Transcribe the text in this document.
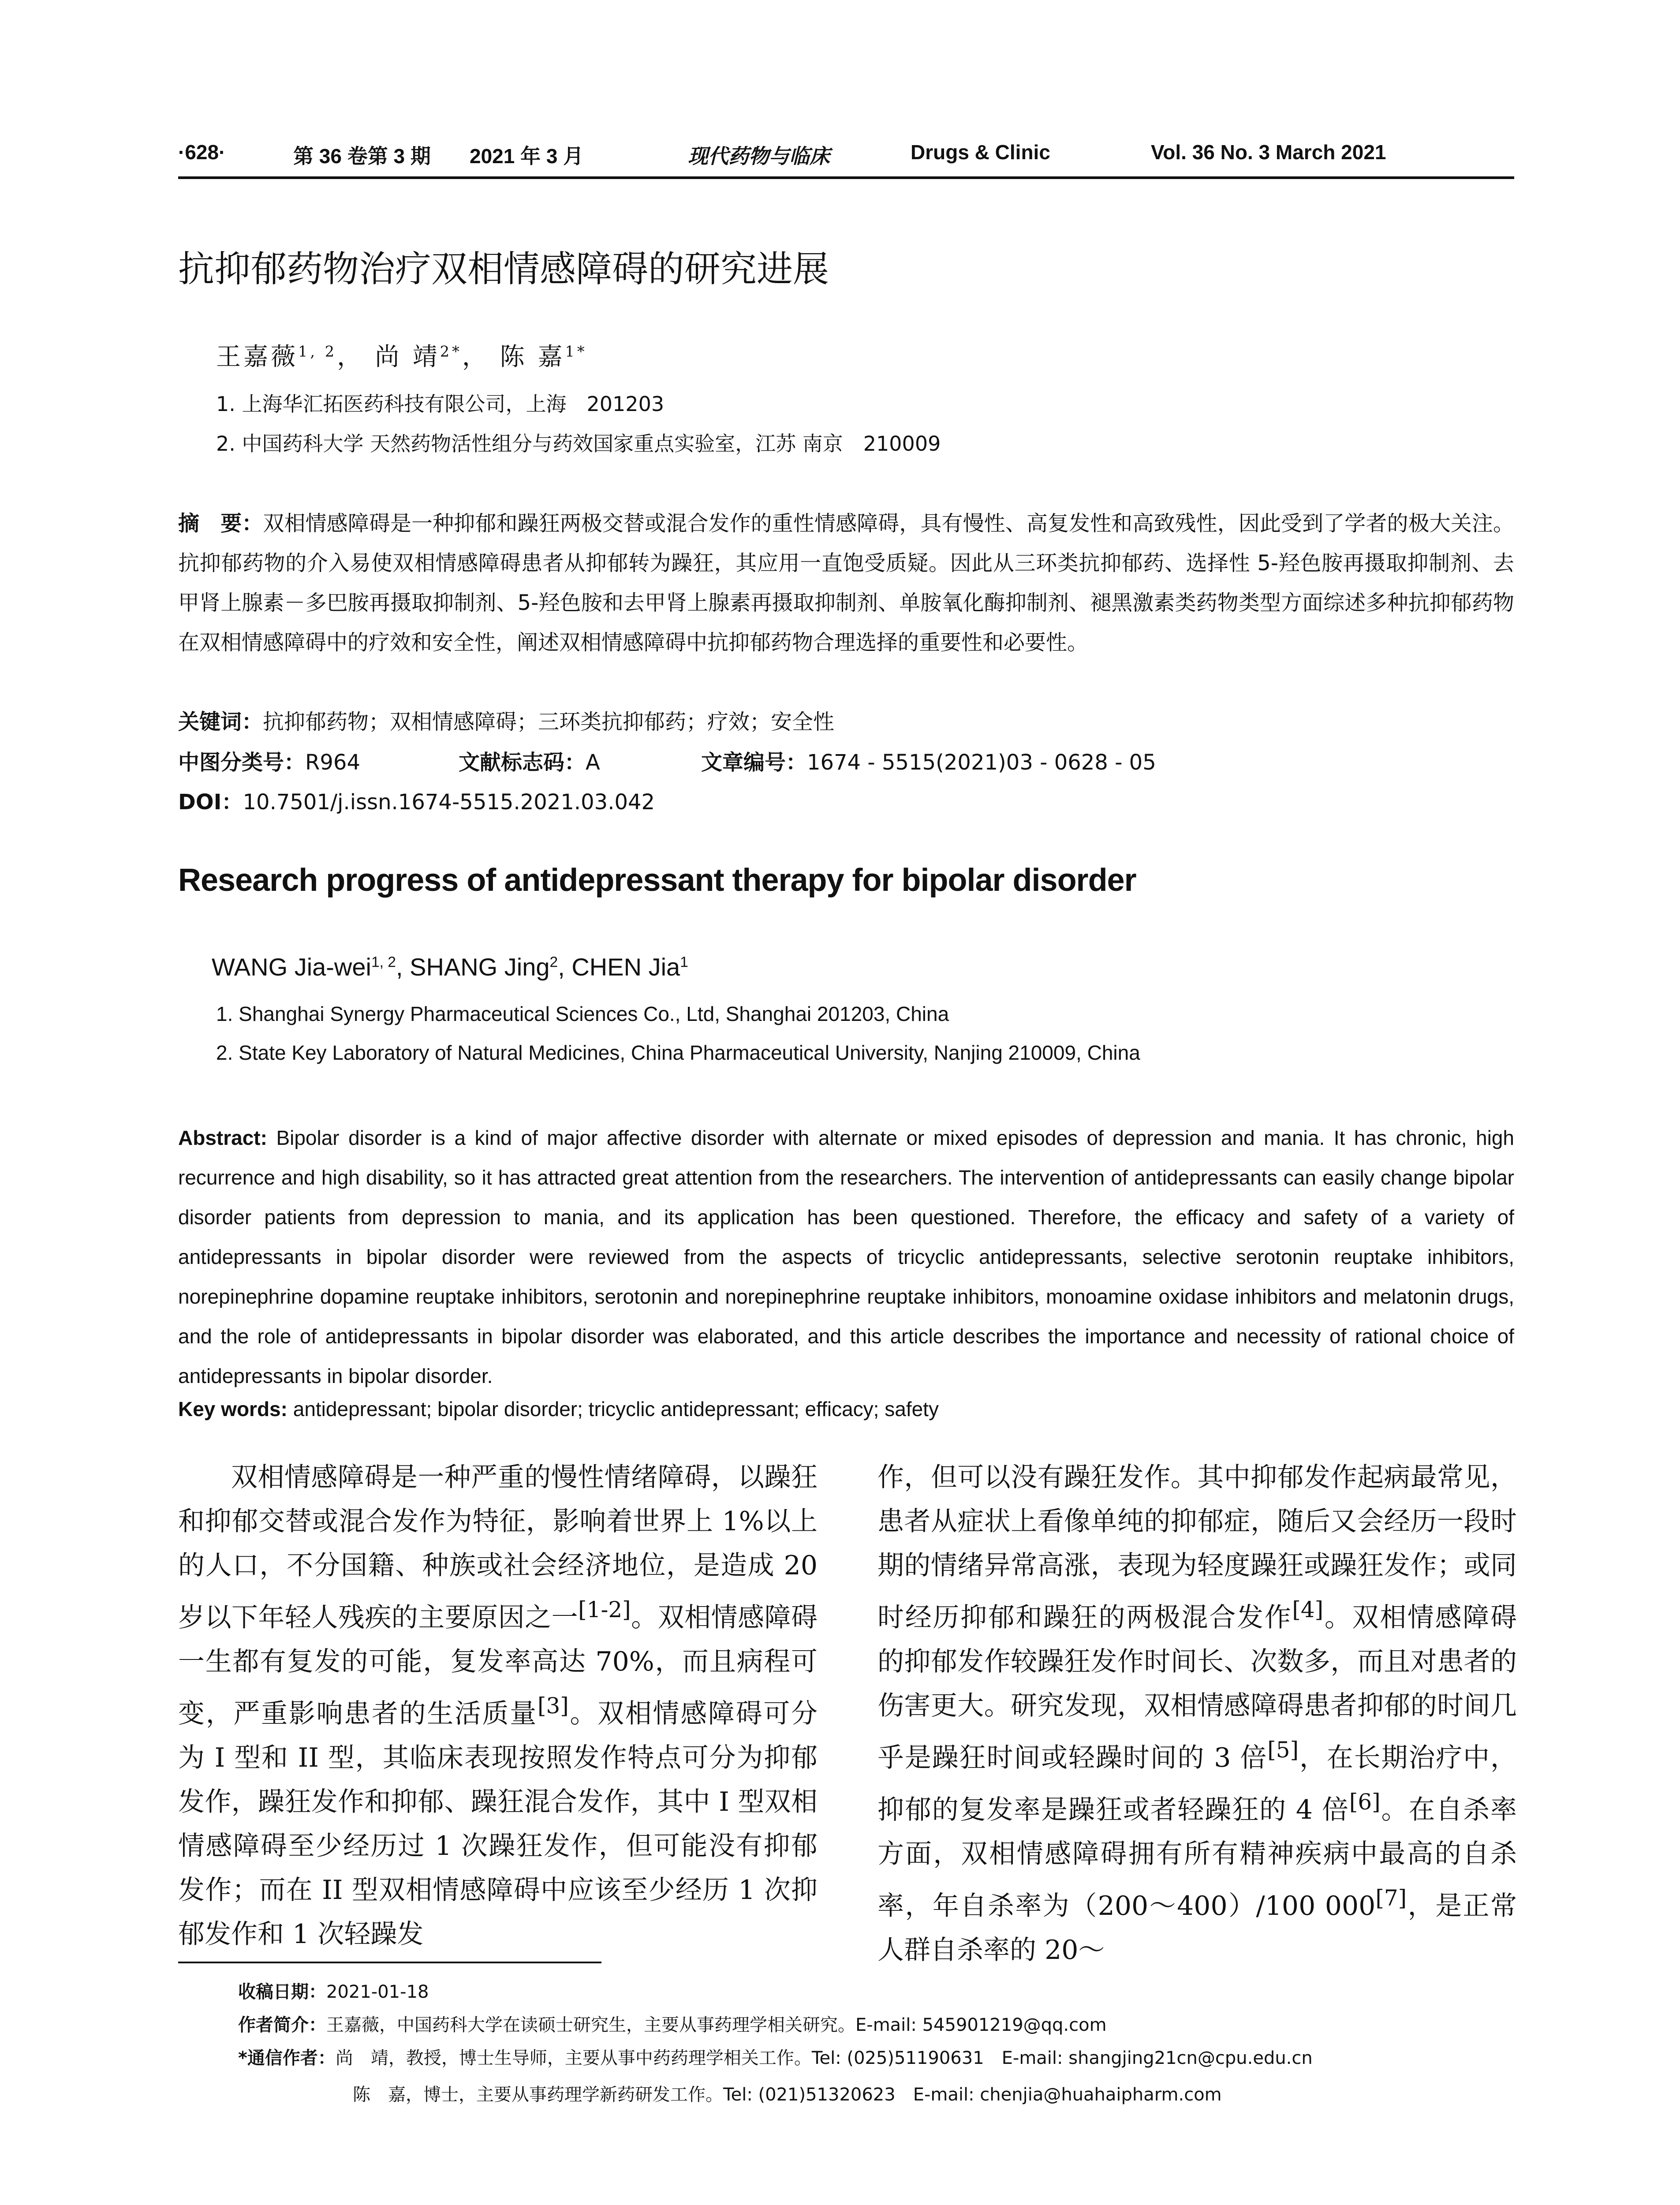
·628·	第 36 卷第 3 期 2021 年 3 月	现代药物与临床	Drugs & Clinic	Vol. 36 No. 3 March 2021
抗抑郁药物治疗双相情感障碍的研究进展
王嘉薇$^{1, 2}$， 尚 靖$^{2*}$， 陈 嘉$^{1*}$
1. 上海华汇拓医药科技有限公司，上海　201203
2. 中国药科大学 天然药物活性组分与药效国家重点实验室，江苏 南京　210009
摘　要：双相情感障碍是一种抑郁和躁狂两极交替或混合发作的重性情感障碍，具有慢性、高复发性和高致残性，因此受到了学者的极大关注。抗抑郁药物的介入易使双相情感障碍患者从抑郁转为躁狂，其应用一直饱受质疑。因此从三环类抗抑郁药、选择性 5-羟色胺再摄取抑制剂、去甲肾上腺素－多巴胺再摄取抑制剂、5-羟色胺和去甲肾上腺素再摄取抑制剂、单胺氧化酶抑制剂、褪黑激素类药物类型方面综述多种抗抑郁药物在双相情感障碍中的疗效和安全性，阐述双相情感障碍中抗抑郁药物合理选择的重要性和必要性。
关键词：抗抑郁药物；双相情感障碍；三环类抗抑郁药；疗效；安全性
中图分类号：R964	文献标志码：A	文章编号：1674 - 5515(2021)03 - 0628 - 05
DOI：10.7501/j.issn.1674-5515.2021.03.042
Research progress of antidepressant therapy for bipolar disorder
WANG Jia-wei$^{1, 2}$, SHANG Jing$^2$, CHEN Jia$^1$
1. Shanghai Synergy Pharmaceutical Sciences Co., Ltd, Shanghai 201203, China
2. State Key Laboratory of Natural Medicines, China Pharmaceutical University, Nanjing 210009, China
Abstract: Bipolar disorder is a kind of major affective disorder with alternate or mixed episodes of depression and mania. It has chronic, high recurrence and high disability, so it has attracted great attention from the researchers. The intervention of antidepressants can easily change bipolar disorder patients from depression to mania, and its application has been questioned. Therefore, the efficacy and safety of a variety of antidepressants in bipolar disorder were reviewed from the aspects of tricyclic antidepressants, selective serotonin reuptake inhibitors, norepinephrine dopamine reuptake inhibitors, serotonin and norepinephrine reuptake inhibitors, monoamine oxidase inhibitors and melatonin drugs, and the role of antidepressants in bipolar disorder was elaborated, and this article describes the importance and necessity of rational choice of antidepressants in bipolar disorder.
Key words: antidepressant; bipolar disorder; tricyclic antidepressant; efficacy; safety
双相情感障碍是一种严重的慢性情绪障碍，以躁狂和抑郁交替或混合发作为特征，影响着世界上 1%以上的人口，不分国籍、种族或社会经济地位，是造成 20 岁以下年轻人残疾的主要原因之一[1-2]。双相情感障碍一生都有复发的可能，复发率高达 70%，而且病程可变，严重影响患者的生活质量[3]。双相情感障碍可分为 I 型和 II 型，其临床表现按照发作特点可分为抑郁发作，躁狂发作和抑郁、躁狂混合发作，其中 I 型双相情感障碍至少经历过 1 次躁狂发作，但可能没有抑郁发作；而在 II 型双相情感障碍中应该至少经历 1 次抑郁发作和 1 次轻躁发
作，但可以没有躁狂发作。其中抑郁发作起病最常见，患者从症状上看像单纯的抑郁症，随后又会经历一段时期的情绪异常高涨，表现为轻度躁狂或躁狂发作；或同时经历抑郁和躁狂的两极混合发作[4]。双相情感障碍的抑郁发作较躁狂发作时间长、次数多，而且对患者的伤害更大。研究发现，双相情感障碍患者抑郁的时间几乎是躁狂时间或轻躁时间的 3 倍[5]，在长期治疗中，抑郁的复发率是躁狂或者轻躁狂的 4 倍[6]。在自杀率方面，双相情感障碍拥有所有精神疾病中最高的自杀率，年自杀率为（200～400）/100 000[7]，是正常人群自杀率的 20～
收稿日期：2021-01-18
作者简介：王嘉薇，中国药科大学在读硕士研究生，主要从事药理学相关研究。E-mail: 545901219@qq.com
*通信作者：尚　靖，教授，博士生导师，主要从事中药药理学相关工作。Tel: (025)51190631　E-mail: shangjing21cn@cpu.edu.cn
陈　嘉，博士，主要从事药理学新药研发工作。Tel: (021)51320623　E-mail: chenjia@huahaipharm.com
